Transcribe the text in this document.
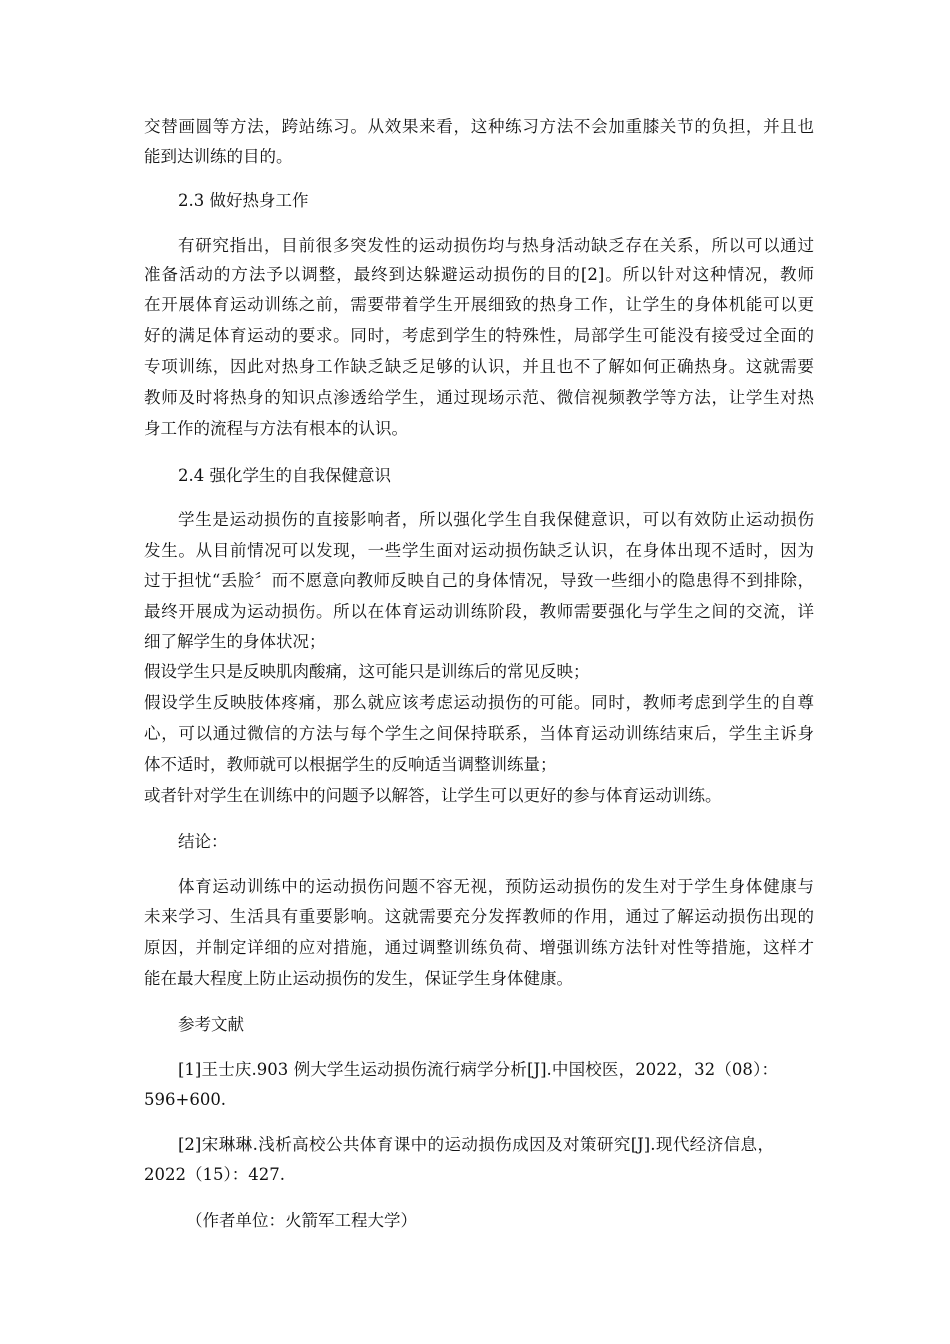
交替画圆等方法，跨站练习。从效果来看，这种练习方法不会加重膝关节的负担，并且也
能到达训练的目的。
2.3 做好热身工作
有研究指出，目前很多突发性的运动损伤均与热身活动缺乏存在关系，所以可以通过
准备活动的方法予以调整，最终到达躲避运动损伤的目的[2]。所以针对这种情况，教师
在开展体育运动训练之前，需要带着学生开展细致的热身工作，让学生的身体机能可以更
好的满足体育运动的要求。同时，考虑到学生的特殊性，局部学生可能没有接受过全面的
专项训练，因此对热身工作缺乏缺乏足够的认识，并且也不了解如何正确热身。这就需要
教师及时将热身的知识点渗透给学生，通过现场示范、微信视频教学等方法，让学生对热
身工作的流程与方法有根本的认识。
2.4 强化学生的自我保健意识
学生是运动损伤的直接影响者，所以强化学生自我保健意识，可以有效防止运动损伤
发生。从目前情况可以发现，一些学生面对运动损伤缺乏认识，在身体出现不适时，因为
过于担忧“丢脸〞而不愿意向教师反映自己的身体情况，导致一些细小的隐患得不到排除，
最终开展成为运动损伤。所以在体育运动训练阶段，教师需要强化与学生之间的交流，详
细了解学生的身体状况；
假设学生只是反映肌肉酸痛，这可能只是训练后的常见反映；
假设学生反映肢体疼痛，那么就应该考虑运动损伤的可能。同时，教师考虑到学生的自尊
心，可以通过微信的方法与每个学生之间保持联系，当体育运动训练结束后，学生主诉身
体不适时，教师就可以根据学生的反响适当调整训练量；
或者针对学生在训练中的问题予以解答，让学生可以更好的参与体育运动训练。
结论：
体育运动训练中的运动损伤问题不容无视，预防运动损伤的发生对于学生身体健康与
未来学习、生活具有重要影响。这就需要充分发挥教师的作用，通过了解运动损伤出现的
原因，并制定详细的应对措施，通过调整训练负荷、增强训练方法针对性等措施，这样才
能在最大程度上防止运动损伤的发生，保证学生身体健康。
参考文献
[1]王士庆.903 例大学生运动损伤流行病学分析[J].中国校医，2022，32（08）：
596+600.
[2]宋琳琳.浅析高校公共体育课中的运动损伤成因及对策研究[J].现代经济信息，
2022（15）：427.
（作者单位：火箭军工程大学）
